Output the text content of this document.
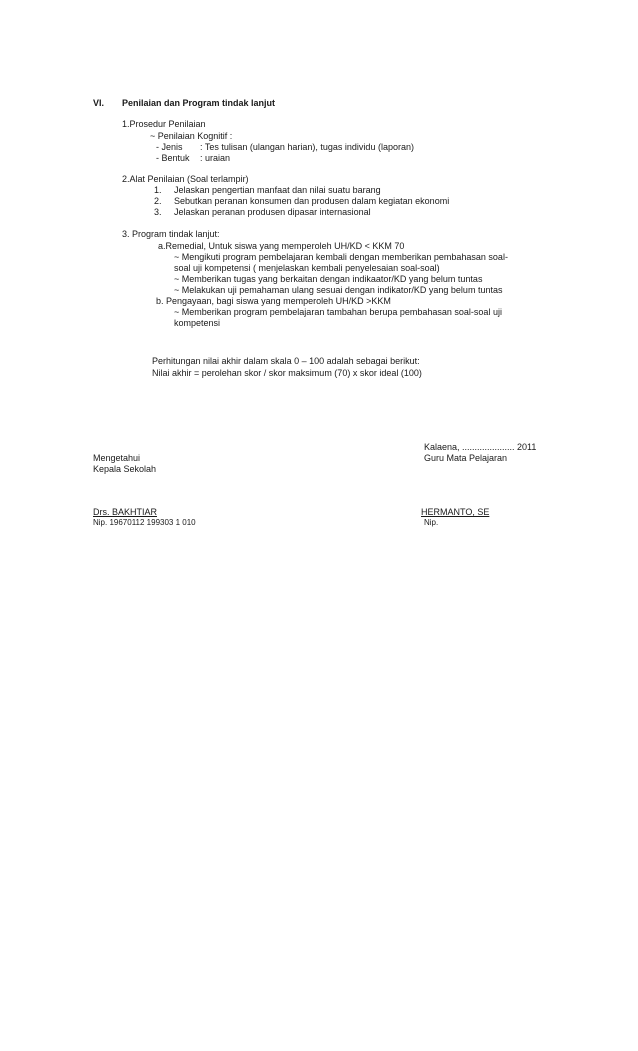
VI. Penilaian dan Program tindak lanjut
1.Prosedur Penilaian
~ Penilaian Kognitif :
- Jenis : Tes tulisan (ulangan harian), tugas individu (laporan)
- Bentuk : uraian
2.Alat Penilaian (Soal terlampir)
1. Jelaskan pengertian manfaat dan nilai suatu barang
2. Sebutkan peranan konsumen dan produsen dalam kegiatan ekonomi
3. Jelaskan peranan produsen dipasar internasional
3. Program tindak lanjut:
a.Remedial, Untuk siswa yang memperoleh UH/KD < KKM 70
~ Mengikuti program pembelajaran kembali dengan memberikan pembahasan soal-
soal uji kompetensi ( menjelaskan kembali penyelesaian soal-soal)
~ Memberikan tugas yang berkaitan dengan indikaator/KD yang belum tuntas
~ Melakukan uji pemahaman ulang sesuai dengan indikator/KD yang belum tuntas
b. Pengayaan, bagi siswa yang memperoleh UH/KD >KKM
~ Memberikan program pembelajaran tambahan berupa pembahasan soal-soal uji
kompetensi
Perhitungan nilai akhir dalam skala 0 – 100 adalah sebagai berikut:
Nilai akhir = perolehan skor / skor maksimum (70) x skor ideal (100)
Kalaena, ..................... 2011
Mengetahui	Guru Mata Pelajaran
Kepala Sekolah
Drs. BAKHTIAR	HERMANTO, SE
Nip. 19670112 199303 1 010	Nip.
